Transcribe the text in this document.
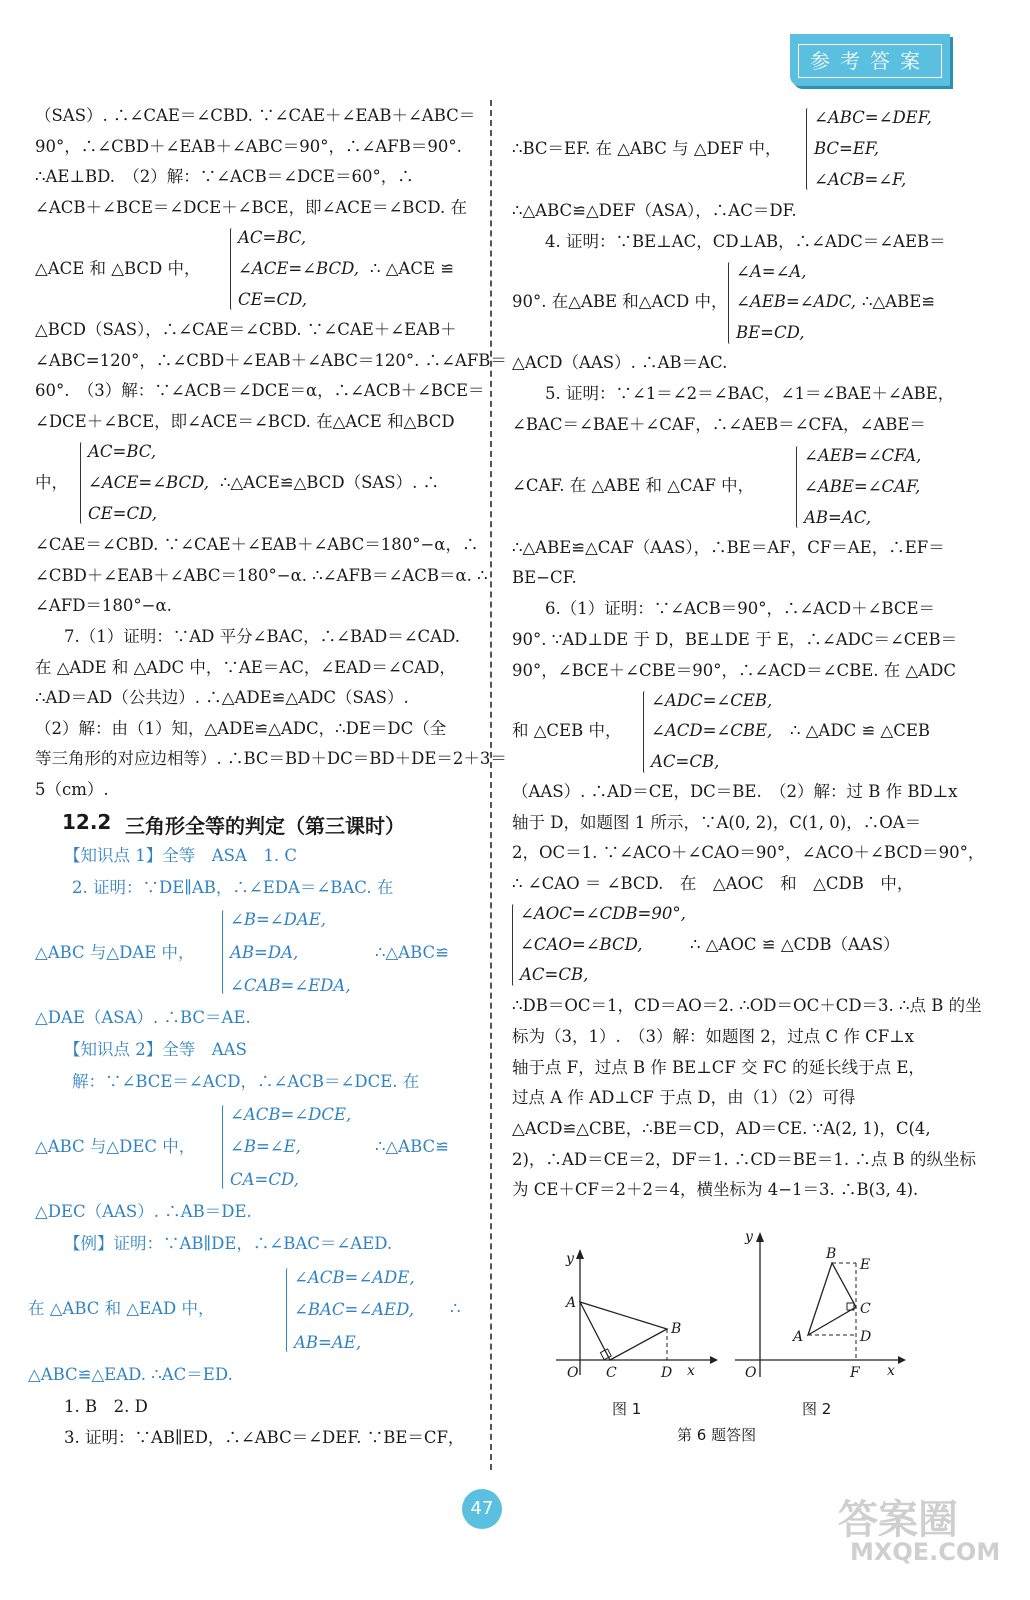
参考答案
（SAS）. ∴∠CAE＝∠CBD. ∵∠CAE＋∠EAB＋∠ABC＝
90°，∴∠CBD＋∠EAB＋∠ABC＝90°，∴∠AFB＝90°.
∴AE⊥BD.　（2）解：∵∠ACB＝∠DCE＝60°，∴
∠ACB＋∠BCE＝∠DCE＋∠BCE，即∠ACE＝∠BCD. 在
△ACE 和 △BCD 中，
AC=BC,
∠ACE=∠BCD,
CE=CD,
∴ △ACE ≌
△BCD（SAS），∴∠CAE＝∠CBD. ∵∠CAE＋∠EAB＋
∠ABC=120°，∴∠CBD＋∠EAB＋∠ABC＝120°. ∴∠AFB＝
60°.　（3）解：∵∠ACB＝∠DCE＝α，∴∠ACB＋∠BCE＝
∠DCE＋∠BCE，即∠ACE＝∠BCD. 在△ACE 和△BCD
中，
AC=BC,
∠ACE=∠BCD,
CE=CD,
∴△ACE≌△BCD（SAS）. ∴
∠CAE＝∠CBD. ∵∠CAE＋∠EAB＋∠ABC＝180°−α，∴
∠CBD＋∠EAB＋∠ABC＝180°−α. ∴∠AFB＝∠ACB＝α. ∴
∠AFD＝180°−α.
7.（1）证明：∵AD 平分∠BAC，∴∠BAD＝∠CAD.
在 △ADE 和 △ADC 中，∵AE＝AC，∠EAD＝∠CAD，
∴AD＝AD（公共边）. ∴△ADE≌△ADC（SAS）.
（2）解：由（1）知，△ADE≌△ADC，∴DE＝DC（全
等三角形的对应边相等）. ∴BC＝BD＋DC＝BD＋DE＝2＋3＝
5（cm）.
12.2 三角形全等的判定（第三课时）
【知识点 1】全等　ASA　1. C
2. 证明：∵DE∥AB，∴∠EDA＝∠BAC. 在
△ABC 与△DAE 中，
∠B=∠DAE,
AB=DA,
∠CAB=∠EDA,
∴△ABC≌
△DAE（ASA）. ∴BC＝AE.
【知识点 2】全等　AAS
解：∵∠BCE＝∠ACD，∴∠ACB＝∠DCE. 在
△ABC 与△DEC 中，
∠ACB=∠DCE,
∠B=∠E,
CA=CD,
∴△ABC≌
△DEC（AAS）. ∴AB＝DE.
【例】证明：∵AB∥DE，∴∠BAC＝∠AED.
在 △ABC 和 △EAD 中，
∠ACB=∠ADE,
∠BAC=∠AED,
AB=AE,
∴
△ABC≌△EAD. ∴AC＝ED.
1. B　2. D
3. 证明：∵AB∥ED，∴∠ABC＝∠DEF. ∵BE＝CF，
∴BC＝EF. 在 △ABC 与 △DEF 中，
∠ABC=∠DEF,
BC=EF,
∠ACB=∠F,
∴△ABC≌△DEF（ASA），∴AC＝DF.
4. 证明：∵BE⊥AC，CD⊥AB，∴∠ADC＝∠AEB＝
90°. 在△ABE 和△ACD 中，
∠A=∠A,
∠AEB=∠ADC,
BE=CD,
∴△ABE≌
△ACD（AAS）. ∴AB＝AC.
5. 证明：∵∠1＝∠2＝∠BAC，∠1＝∠BAE＋∠ABE，
∠BAC＝∠BAE＋∠CAF，∴∠AEB＝∠CFA，∠ABE＝
∠CAF. 在 △ABE 和 △CAF 中，
∠AEB=∠CFA,
∠ABE=∠CAF,
AB=AC,
∴△ABE≌△CAF（AAS），∴BE＝AF，CF＝AE，∴EF＝
BE−CF.
6.（1）证明：∵∠ACB＝90°，∴∠ACD＋∠BCE＝
90°. ∵AD⊥DE 于 D，BE⊥DE 于 E，∴∠ADC＝∠CEB＝
90°，∠BCE＋∠CBE＝90°，∴∠ACD＝∠CBE. 在 △ADC
和 △CEB 中，
∠ADC=∠CEB,
∠ACD=∠CBE,
AC=CB,
∴ △ADC ≌ △CEB
（AAS）. ∴AD＝CE，DC＝BE.　（2）解：过 B 作 BD⊥x
轴于 D，如题图 1 所示，∵A(0, 2)，C(1, 0)，∴OA＝
2，OC＝1. ∵∠ACO＋∠CAO＝90°，∠ACO＋∠BCD＝90°，
∴ ∠CAO ＝ ∠BCD.　在　△AOC　和　△CDB　中，
∠AOC=∠CDB=90°,
∠CAO=∠BCD,
AC=CB,
∴ △AOC ≌ △CDB（AAS）
∴DB＝OC＝1，CD＝AO＝2. ∴OD＝OC＋CD＝3. ∴点 B 的坐
标为（3，1）.　（3）解：如题图 2，过点 C 作 CF⊥x
轴于点 F，过点 B 作 BE⊥CF 交 FC 的延长线于点 E，
过点 A 作 AD⊥CF 于点 D，由（1）（2）可得
△ACD≌△CBE，∴BE＝CD，AD＝CE. ∵A(2, 1)，C(4,
2)，∴AD＝CE＝2，DF＝1. ∴CD＝BE＝1. ∴点 B 的纵坐标
为 CE＋CF＝2＋2＝4，横坐标为 4−1＝3. ∴B(3, 4).
y
A
B
O C	D x
图 1
y
B
E
C
A	D
O	F x
图 2
第 6 题答图
47	答案圈
MXQE.COM
